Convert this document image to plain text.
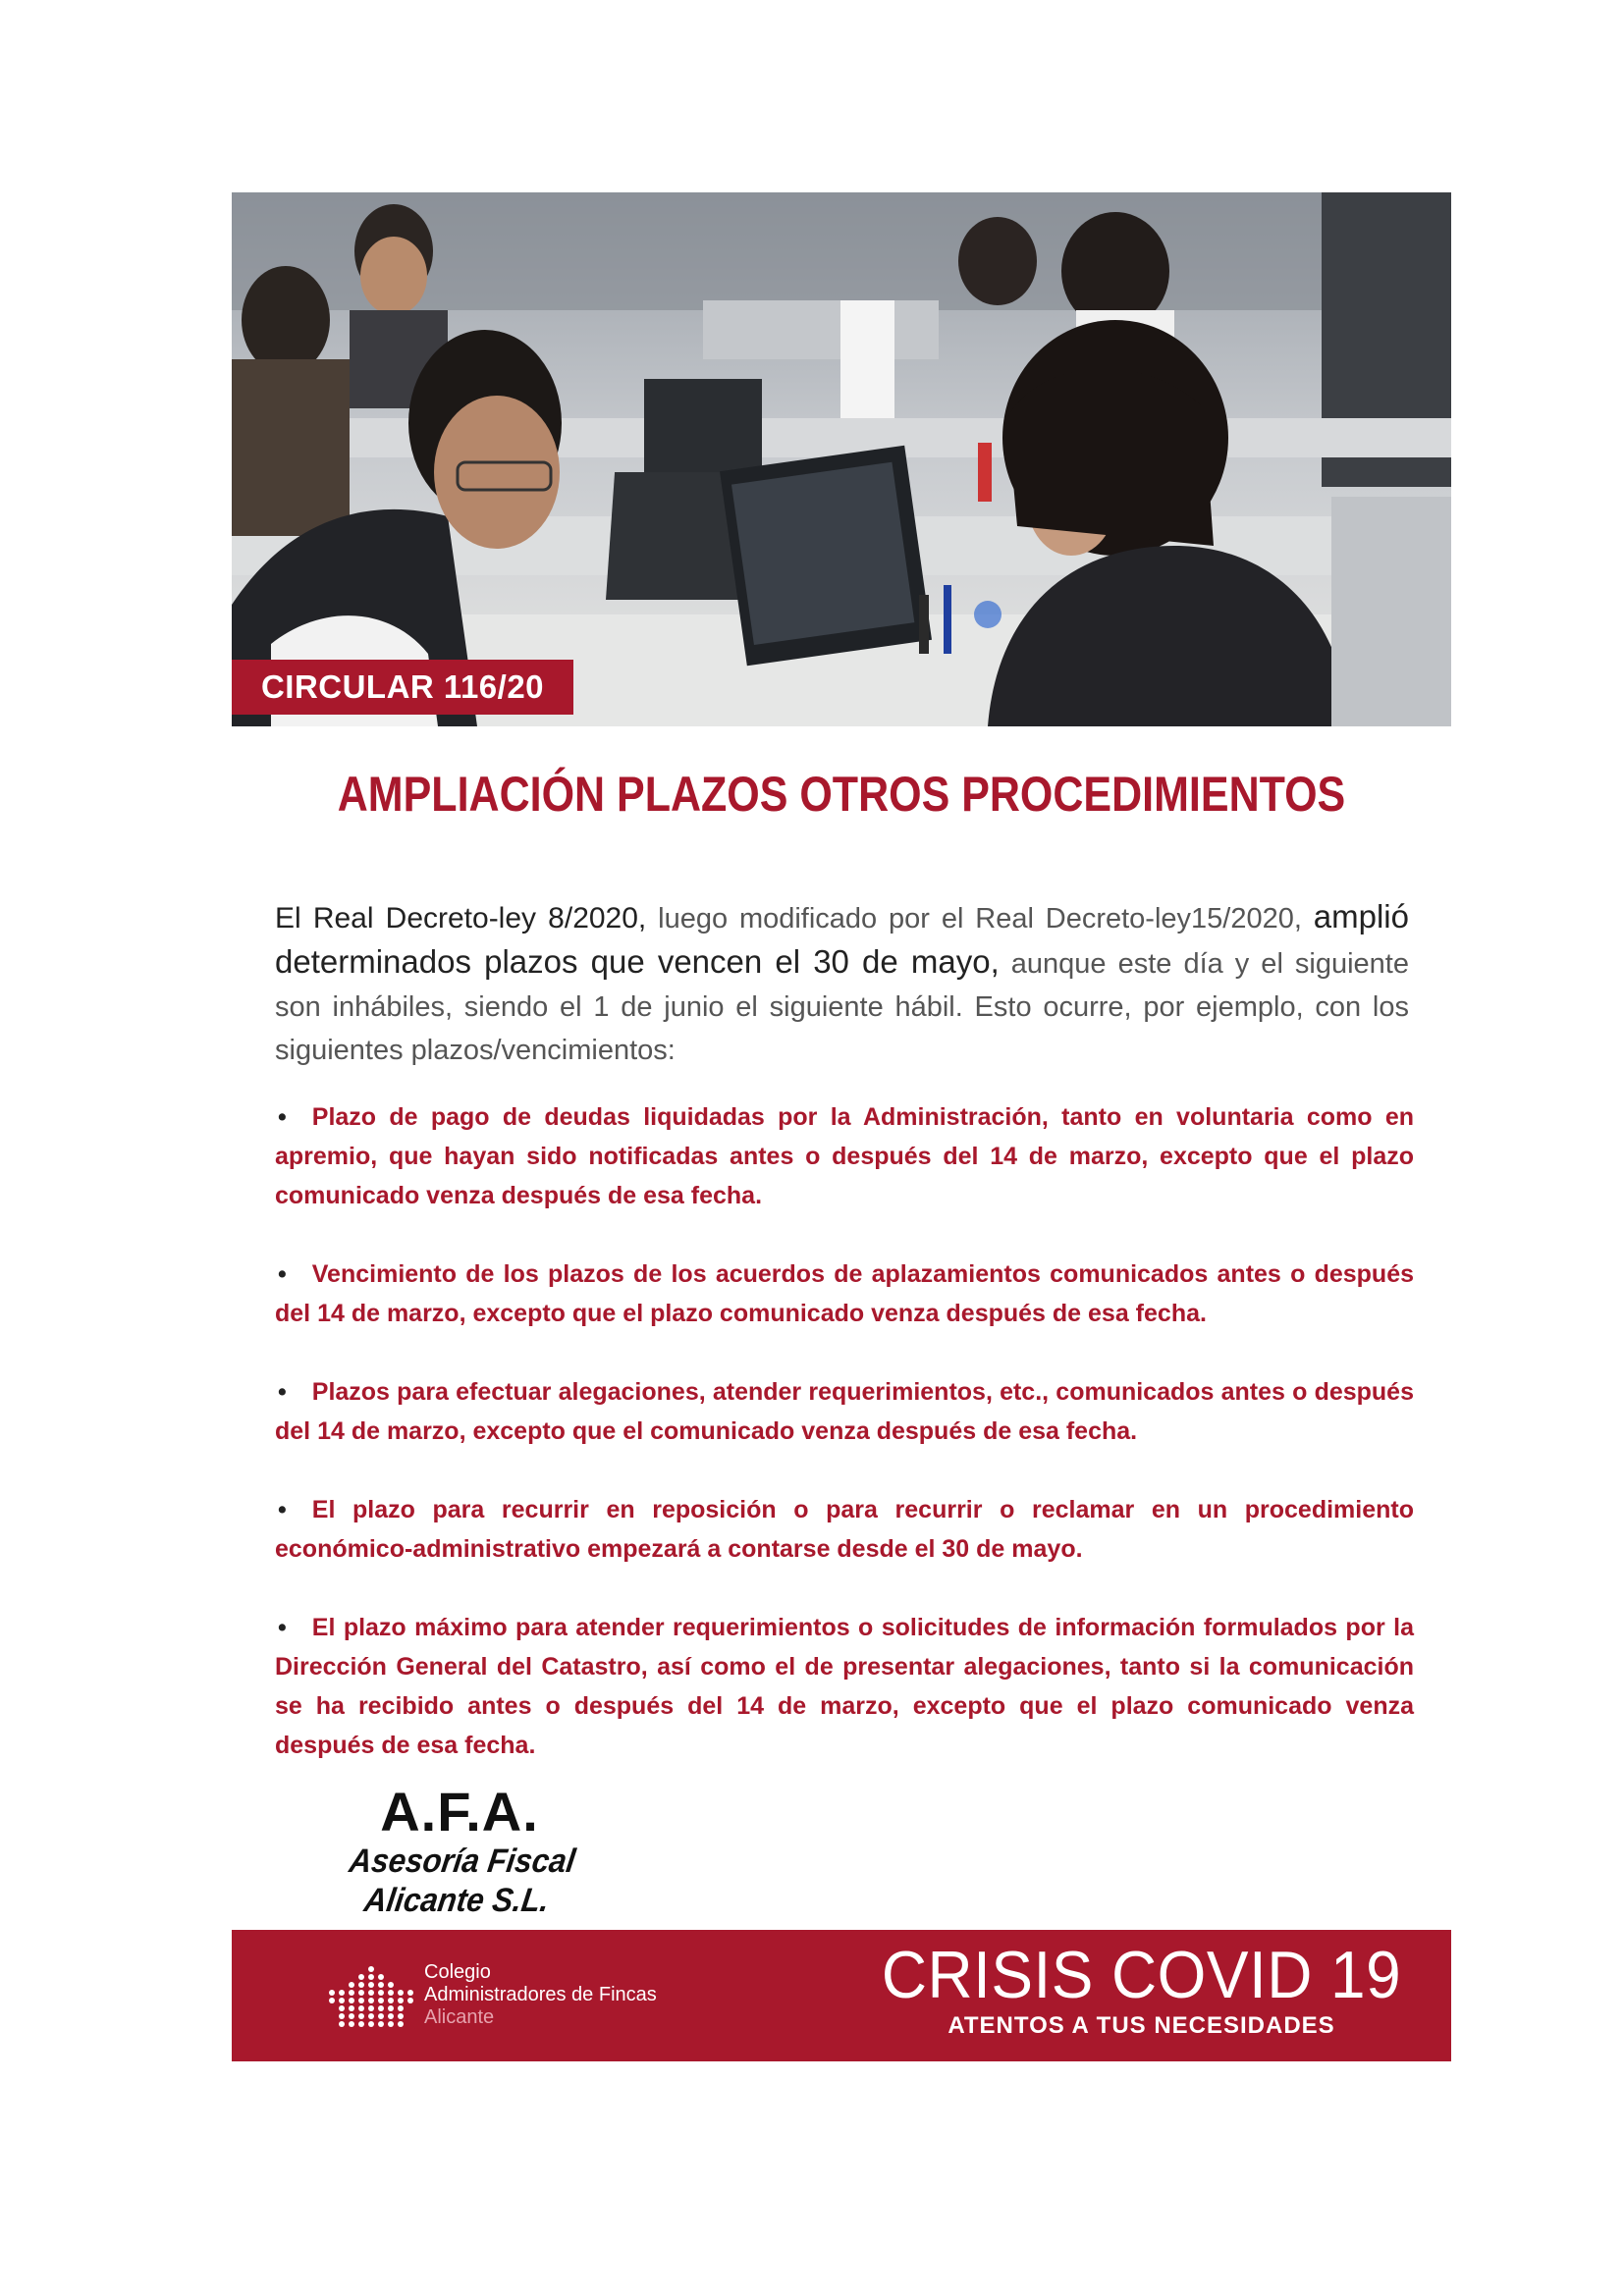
CIRCULAR 116/20
AMPLIACIÓN PLAZOS OTROS PROCEDIMIENTOS

El Real Decreto-ley 8/2020, luego modificado por el Real Decreto-ley15/2020, amplió determinados plazos que vencen el 30 de mayo, aunque este día y el siguiente son inhábiles, siendo el 1 de junio el siguiente hábil. Esto ocurre, por ejemplo, con los siguientes plazos/vencimientos:

• Plazo de pago de deudas liquidadas por la Administración, tanto en voluntaria como en apremio, que hayan sido notificadas antes o después del 14 de marzo, excepto que el plazo comunicado venza después de esa fecha.
• Vencimiento de los plazos de los acuerdos de aplazamientos comunicados antes o después del 14 de marzo, excepto que el plazo comunicado venza después de esa fecha.
• Plazos para efectuar alegaciones, atender requerimientos, etc., comunicados antes o después del 14 de marzo, excepto que el comunicado venza después de esa fecha.
• El plazo para recurrir en reposición o para recurrir o reclamar en un procedimiento económico-administrativo empezará a contarse desde el 30 de mayo.
• El plazo máximo para atender requerimientos o solicitudes de información formulados por la Dirección General del Catastro, así como el de presentar alegaciones, tanto si la comunicación se ha recibido antes o después del 14 de marzo, excepto que el plazo comunicado venza después de esa fecha.
A.F.A.
Asesoría Fiscal Alicante S.L.
Colegio
Administradores de Fincas
Alicante
CRISIS COVID 19
ATENTOS A TUS NECESIDADES
